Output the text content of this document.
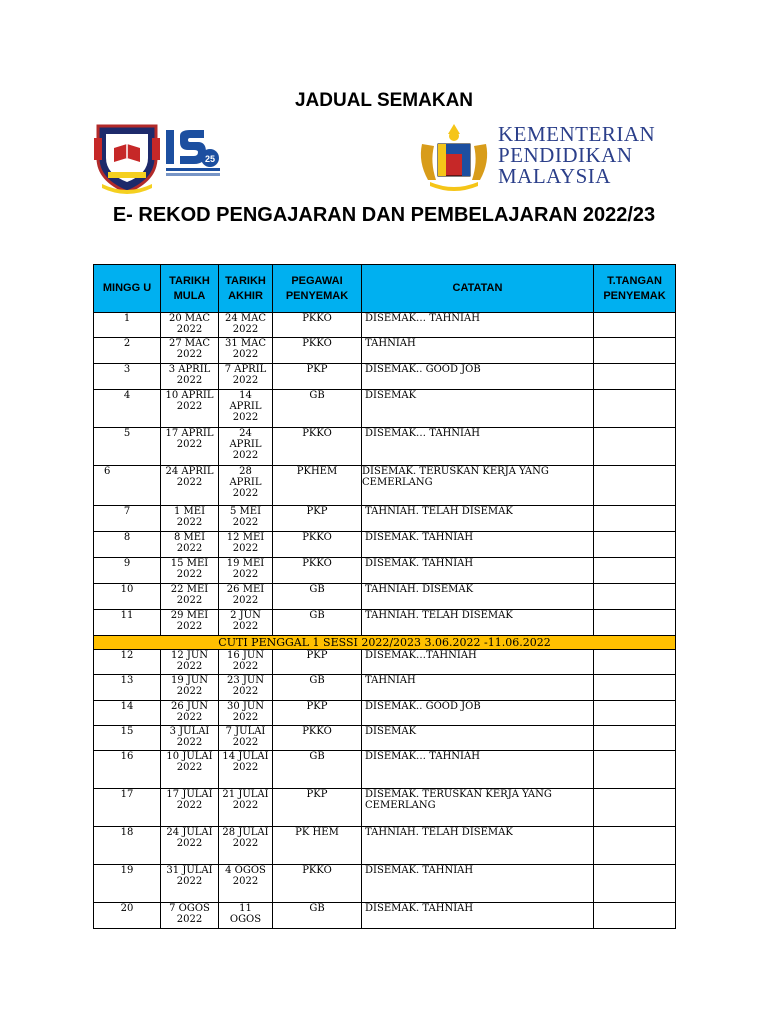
JADUAL SEMAKAN
25
KEMENTERIAN
PENDIDIKAN
MALAYSIA
E- REKOD PENGAJARAN DAN PEMBELAJARAN 2022/23
MINGG U	TARIKH MULA	TARIKH AKHIR	PEGAWAI PENYEMAK	CATATAN	T.TANGAN PENYEMAK
1	20 MAC 2022	24 MAC 2022	PKKO	DISEMAK… TAHNIAH	
2	27 MAC 2022	31 MAC 2022	PKKO	TAHNIAH	
3	3 APRIL 2022	7 APRIL 2022	PKP	DISEMAK.. GOOD JOB	
4	10 APRIL 2022	14 APRIL 2022	GB	DISEMAK	
5	17 APRIL 2022	24 APRIL 2022	PKKO	DISEMAK… TAHNIAH	
6	24 APRIL 2022	28 APRIL 2022	PKHEM	DISEMAK. TERUSKAN KERJA YANG CEMERLANG	
7	1 MEI 2022	5 MEI 2022	PKP	TAHNIAH. TELAH DISEMAK	
8	8 MEI 2022	12 MEI 2022	PKKO	DISEMAK. TAHNIAH	
9	15 MEI 2022	19 MEI 2022	PKKO	DISEMAK. TAHNIAH	
10	22 MEI 2022	26 MEI 2022	GB	TAHNIAH. DISEMAK	
11	29 MEI 2022	2 JUN 2022	GB	TAHNIAH. TELAH DISEMAK	
CUTI PENGGAL 1 SESSI 2022/2023 3.06.2022 -11.06.2022					
12	12 JUN 2022	16 JUN 2022	PKP	DISEMAK…TAHNIAH	
13	19 JUN 2022	23 JUN 2022	GB	TAHNIAH	
14	26 JUN 2022	30 JUN 2022	PKP	DISEMAK.. GOOD JOB	
15	3 JULAI 2022	7 JULAI 2022	PKKO	DISEMAK	
16	10 JULAI 2022	14 JULAI 2022	GB	DISEMAK… TAHNIAH	
17	17 JULAI 2022	21 JULAI 2022	PKP	DISEMAK. TERUSKAN KERJA YANG CEMERLANG	
18	24 JULAI 2022	28 JULAI 2022	PK HEM	TAHNIAH. TELAH DISEMAK	
19	31 JULAI 2022	4 OGOS 2022	PKKO	DISEMAK. TAHNIAH	
20	7 OGOS 2022	11 OGOS	GB	DISEMAK. TAHNIAH	
